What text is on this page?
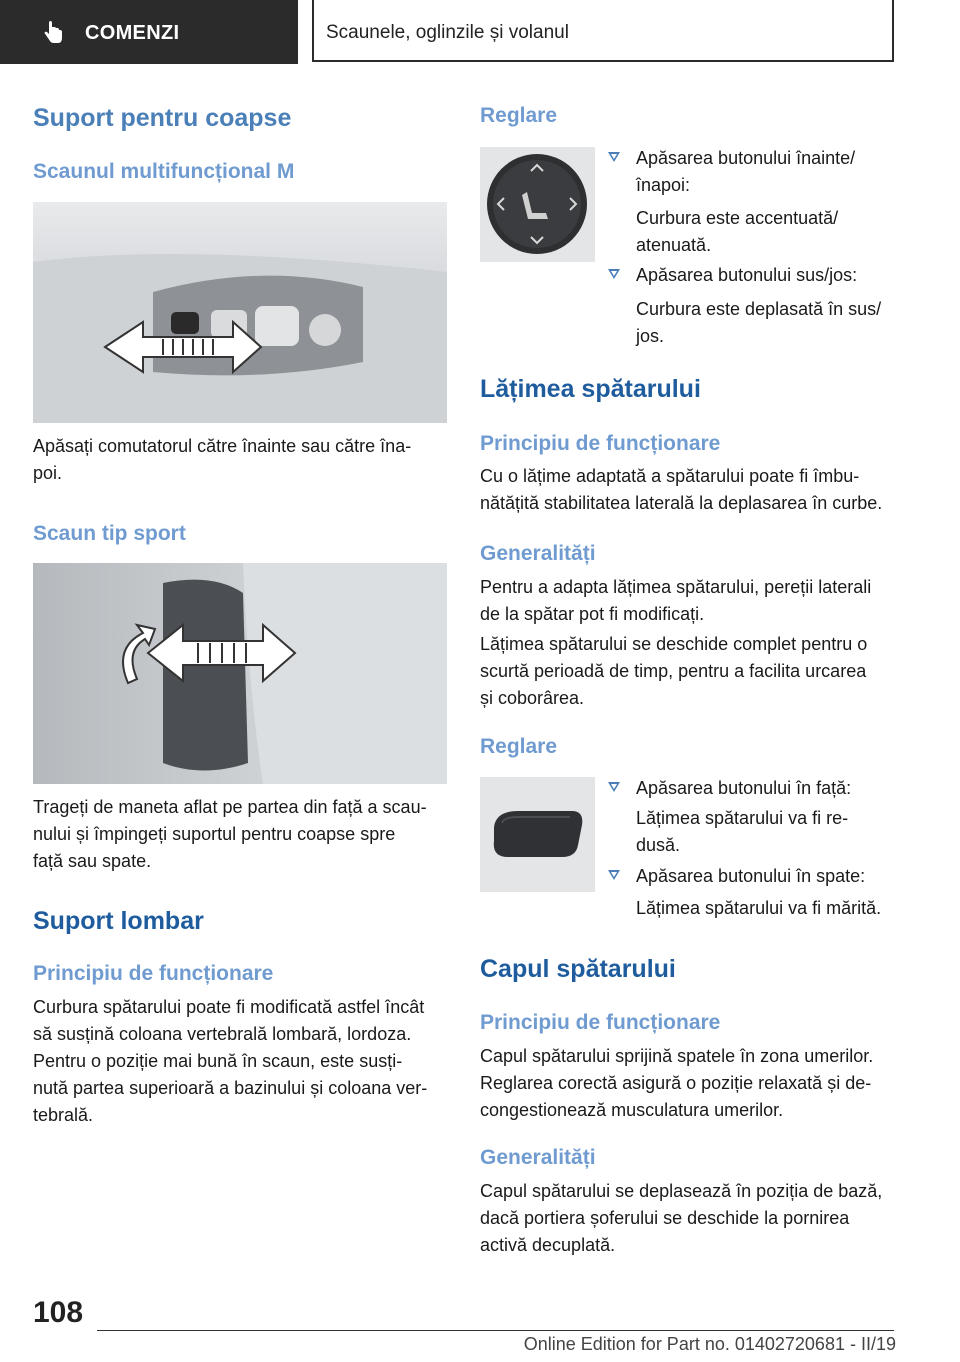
COMENZI	Scaunele, oglinzile și volanul
Suport pentru coapse
Scaunul multifuncțional M
Apăsați comutatorul către înainte sau către îna-
poi.
Scaun tip sport
Trageți de maneta aflat pe partea din față a scau-
nului și împingeți suportul pentru coapse spre
față sau spate.
Suport lombar
Principiu de funcționare
Curbura spătarului poate fi modificată astfel încât
să susțină coloana vertebrală lombară, lordoza.
Pentru o poziție mai bună în scaun, este susți-
nută partea superioară a bazinului și coloana ver-
tebrală.
Reglare
Apăsarea butonului înainte/
înapoi:
Curbura este accentuată/
atenuată.
Apăsarea butonului sus/jos:
Curbura este deplasată în sus/
jos.
Lățimea spătarului
Principiu de funcționare
Cu o lățime adaptată a spătarului poate fi îmbu-
nătățită stabilitatea laterală la deplasarea în curbe.
Generalități
Pentru a adapta lățimea spătarului, pereții laterali
de la spătar pot fi modificați.
Lățimea spătarului se deschide complet pentru o
scurtă perioadă de timp, pentru a facilita urcarea
și coborârea.
Reglare
Apăsarea butonului în față:
Lățimea spătarului va fi re-
dusă.
Apăsarea butonului în spate:
Lățimea spătarului va fi mărită.
Capul spătarului
Principiu de funcționare
Capul spătarului sprijină spatele în zona umerilor.
Reglarea corectă asigură o poziție relaxată și de-
congestionează musculatura umerilor.
Generalități
Capul spătarului se deplasează în poziția de bază,
dacă portiera șoferului se deschide la pornirea
activă decuplată.
108
Online Edition for Part no. 01402720681 - II/19
